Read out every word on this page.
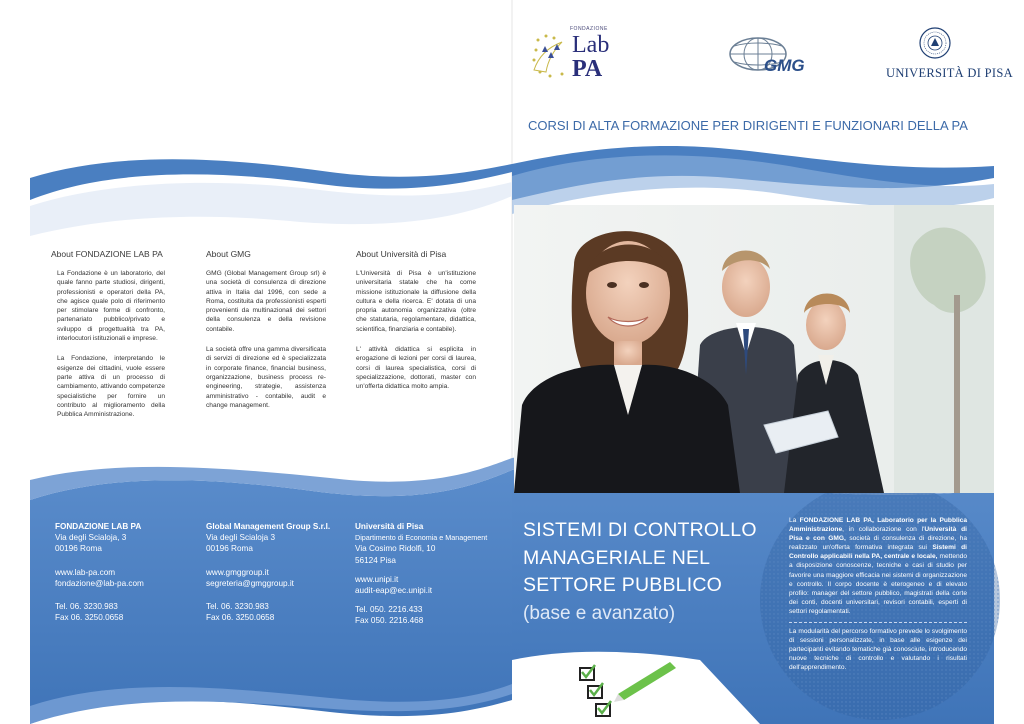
FONDAZIONE
Lab
PA	GMG	UNIVERSITÀ DI PISA
CORSI DI ALTA FORMAZIONE PER DIRIGENTI E FUNZIONARI DELLA PA
About FONDAZIONE LAB PA

La Fondazione è un laboratorio, del quale fanno parte studiosi, dirigenti, professionisti e operatori della PA, che agisce quale polo di riferimento per stimolare forme di confronto, partenariato pubblico/privato e sviluppo di progettualità tra PA, interlocutori istituzionali e imprese.

La Fondazione, interpretando le esigenze dei cittadini, vuole essere parte attiva di un processo di cambiamento, attivando competenze specialistiche per fornire un contributo al miglioramento della Pubblica Amministrazione.

About GMG

GMG (Global Management Group srl) è una società di consulenza di direzione attiva in Italia dal 1996, con sede a Roma, costituita da professionisti esperti provenienti da multinazionali dei settori della consulenza e della revisione contabile.

La società offre una gamma diversificata di servizi di direzione ed è specializzata in corporate finance, financial business, organizzazione, business process re-engineering, strategie, assistenza amministrativo - contabile, audit e change management.

About Università di Pisa

L'Università di Pisa è un'istituzione universitaria statale che ha come missione istituzionale la diffusione della cultura e della ricerca. E' dotata di una propria autonomia organizzativa (oltre che statutaria, regolamentare, didattica, scientifica, finanziaria e contabile).

L' attività didattica si esplicita in erogazione di lezioni per corsi di laurea, corsi di laurea specialistica, corsi di specializzazione, dottorati, master con un'offerta didattica molto ampia.

FONDAZIONE LAB PA
Via degli Scialoja, 3
00196 Roma
www.lab-pa.com
fondazione@lab-pa.com
Tel. 06. 3230.983
Fax 06. 3250.0658
Global Management Group S.r.l.
Via degli Scialoja 3
00196 Roma
www.gmggroup.it
segreteria@gmggroup.it
Tel. 06. 3230.983
Fax 06. 3250.0658
Università di Pisa
Dipartimento di Economia e Management
Via Cosimo Ridolfi, 10
56124 Pisa
www.unipi.it
audit-eap@ec.unipi.it
Tel. 050. 2216.433
Fax 050. 2216.468
SISTEMI DI CONTROLLO
MANAGERIALE NEL
SETTORE PUBBLICO
(base e avanzato)

La FONDAZIONE LAB PA, Laboratorio per la Pubblica Amministrazione, in collaborazione con l'Università di Pisa e con GMG, società di consulenza di direzione, ha realizzato un'offerta formativa integrata sui Sistemi di Controllo applicabili nella PA, centrale e locale, mettendo a disposizione conoscenze, tecniche e casi di studio per favorire una maggiore efficacia nei sistemi di organizzazione e controllo. Il corpo docente è eterogeneo e di elevato profilo: manager del settore pubblico, magistrati della corte dei conti, docenti universitari, revisori contabili, esperti di settori regolamentati.

La modularità del percorso formativo prevede lo svolgimento di sessioni personalizzate, in base alle esigenze dei partecipanti evitando tematiche già conosciute, introducendo nuove tecniche di controllo e valutando i risultati dell'apprendimento.
